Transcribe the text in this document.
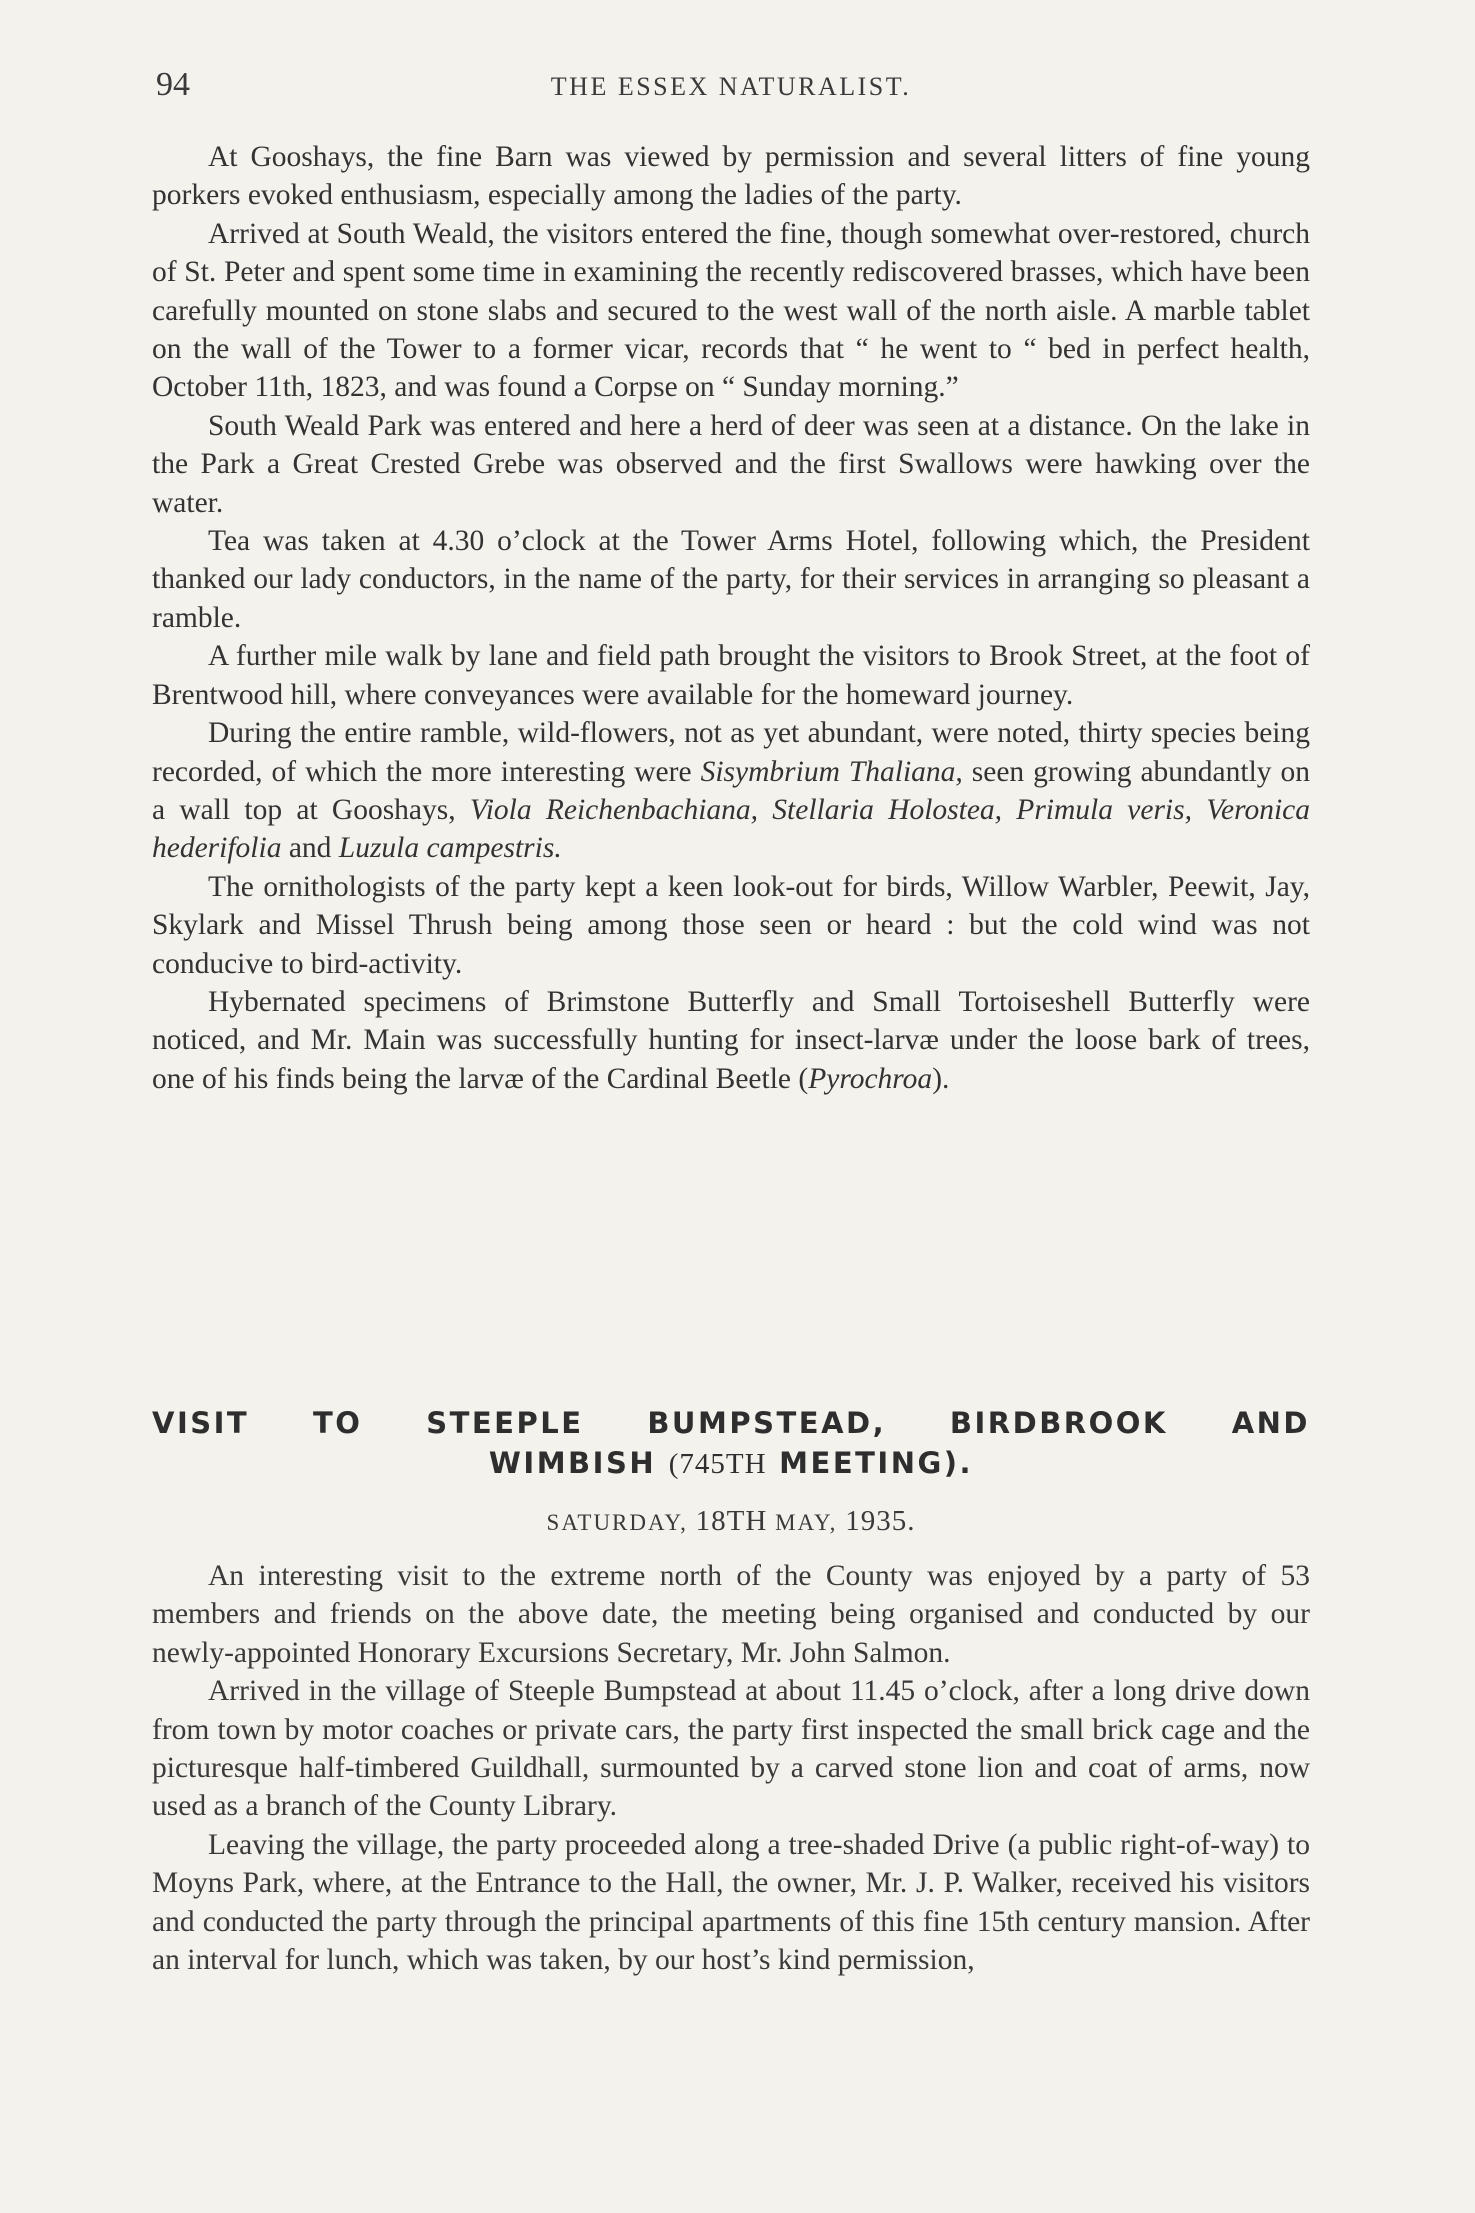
94	THE ESSEX NATURALIST.

At Gooshays, the fine Barn was viewed by permission and several litters of fine young porkers evoked enthusiasm, especially among the ladies of the party.

Arrived at South Weald, the visitors entered the fine, though somewhat over-restored, church of St. Peter and spent some time in examining the recently rediscovered brasses, which have been carefully mounted on stone slabs and secured to the west wall of the north aisle. A marble tablet on the wall of the Tower to a former vicar, records that “ he went to “ bed in perfect health, October 11th, 1823, and was found a Corpse on “ Sunday morning.”

South Weald Park was entered and here a herd of deer was seen at a distance. On the lake in the Park a Great Crested Grebe was observed and the first Swallows were hawking over the water.

Tea was taken at 4.30 o’clock at the Tower Arms Hotel, following which, the President thanked our lady conductors, in the name of the party, for their services in arranging so pleasant a ramble.

A further mile walk by lane and field path brought the visitors to Brook Street, at the foot of Brentwood hill, where conveyances were available for the homeward journey.

During the entire ramble, wild-flowers, not as yet abundant, were noted, thirty species being recorded, of which the more interesting were Sisymbrium Thaliana, seen growing abundantly on a wall top at Gooshays, Viola Reichenbachiana, Stellaria Holostea, Primula veris, Veronica hederifolia and Luzula campestris.

The ornithologists of the party kept a keen look-out for birds, Willow Warbler, Peewit, Jay, Skylark and Missel Thrush being among those seen or heard : but the cold wind was not conducive to bird-activity.

Hybernated specimens of Brimstone Butterfly and Small Tortoiseshell Butterfly were noticed, and Mr. Main was successfully hunting for insect-larvæ under the loose bark of trees, one of his finds being the larvæ of the Cardinal Beetle (Pyrochroa).

VISIT TO STEEPLE BUMPSTEAD, BIRDBROOK AND
WIMBISH (745TH MEETING).
SATURDAY, 18TH MAY, 1935.

An interesting visit to the extreme north of the County was enjoyed by a party of 53 members and friends on the above date, the meeting being organised and conducted by our newly-appointed Honorary Excursions Secretary, Mr. John Salmon.

Arrived in the village of Steeple Bumpstead at about 11.45 o’clock, after a long drive down from town by motor coaches or private cars, the party first inspected the small brick cage and the picturesque half-timbered Guildhall, surmounted by a carved stone lion and coat of arms, now used as a branch of the County Library.

Leaving the village, the party proceeded along a tree-shaded Drive (a public right-of-way) to Moyns Park, where, at the Entrance to the Hall, the owner, Mr. J. P. Walker, received his visitors and conducted the party through the principal apartments of this fine 15th century mansion. After an interval for lunch, which was taken, by our host’s kind permission,
